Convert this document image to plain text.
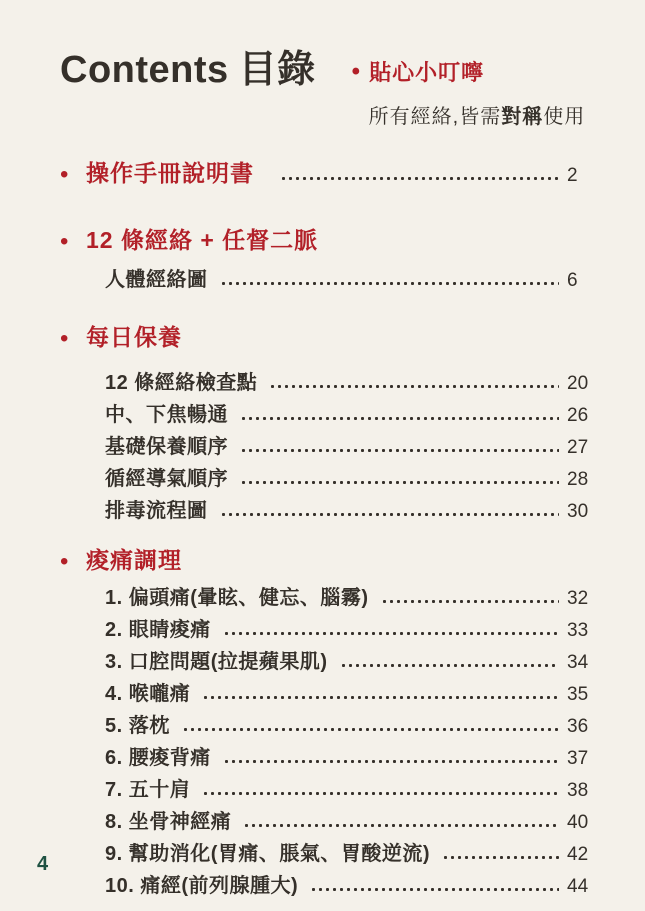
Contents 目錄 • 貼心小叮嚀
所有經絡,皆需對稱使用
• 操作手冊說明書	2
• 12 條經絡 + 任督二脈
人體經絡圖	6
• 每日保養
12 條經絡檢查點	20
中、下焦暢通	26
基礎保養順序	27
循經導氣順序	28
排毒流程圖	30
• 痠痛調理
1. 偏頭痛(暈眩、健忘、腦霧)	32
2. 眼睛痠痛	33
3. 口腔問題(拉提蘋果肌)	34
4. 喉嚨痛	35
5. 落枕	36
6. 腰痠背痛	37
7. 五十肩	38
8. 坐骨神經痛	40
9. 幫助消化(胃痛、脹氣、胃酸逆流)	42
10. 痛經(前列腺腫大)	44
4
